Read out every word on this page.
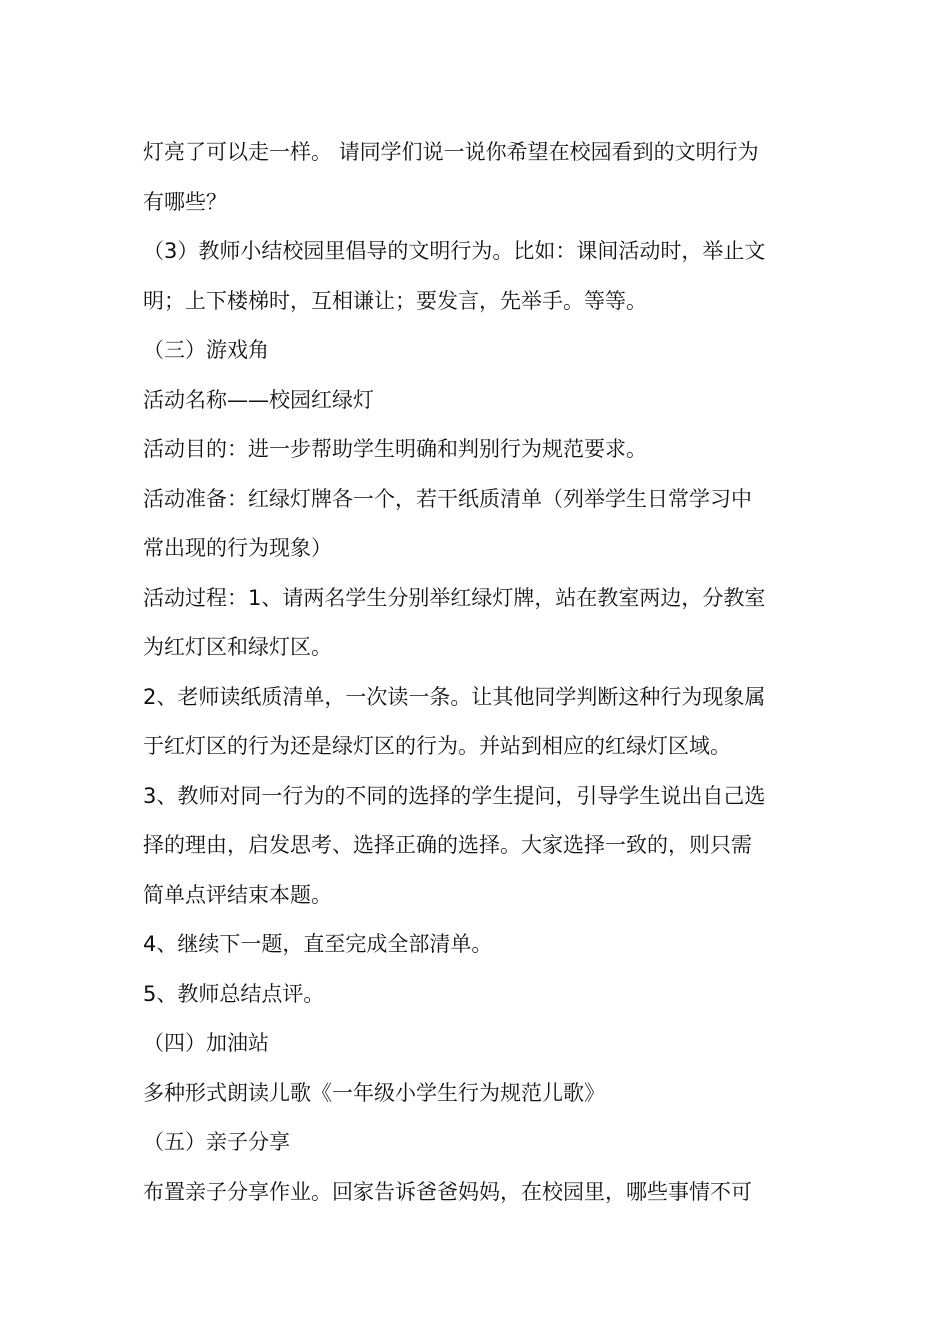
灯亮了可以走一样。 请同学们说一说你希望在校园看到的文明行为
有哪些？
（3）教师小结校园里倡导的文明行为。比如：课间活动时，举止文
明；上下楼梯时，互相谦让；要发言，先举手。等等。
（三）游戏角
活动名称——校园红绿灯
活动目的：进一步帮助学生明确和判别行为规范要求。
活动准备：红绿灯牌各一个，若干纸质清单（列举学生日常学习中
常出现的行为现象）
活动过程：1、请两名学生分别举红绿灯牌，站在教室两边，分教室
为红灯区和绿灯区。
2、老师读纸质清单，一次读一条。让其他同学判断这种行为现象属
于红灯区的行为还是绿灯区的行为。并站到相应的红绿灯区域。
3、教师对同一行为的不同的选择的学生提问，引导学生说出自己选
择的理由，启发思考、选择正确的选择。大家选择一致的，则只需
简单点评结束本题。
4、继续下一题，直至完成全部清单。
5、教师总结点评。
（四）加油站
多种形式朗读儿歌《一年级小学生行为规范儿歌》
（五）亲子分享
布置亲子分享作业。回家告诉爸爸妈妈，在校园里，哪些事情不可
